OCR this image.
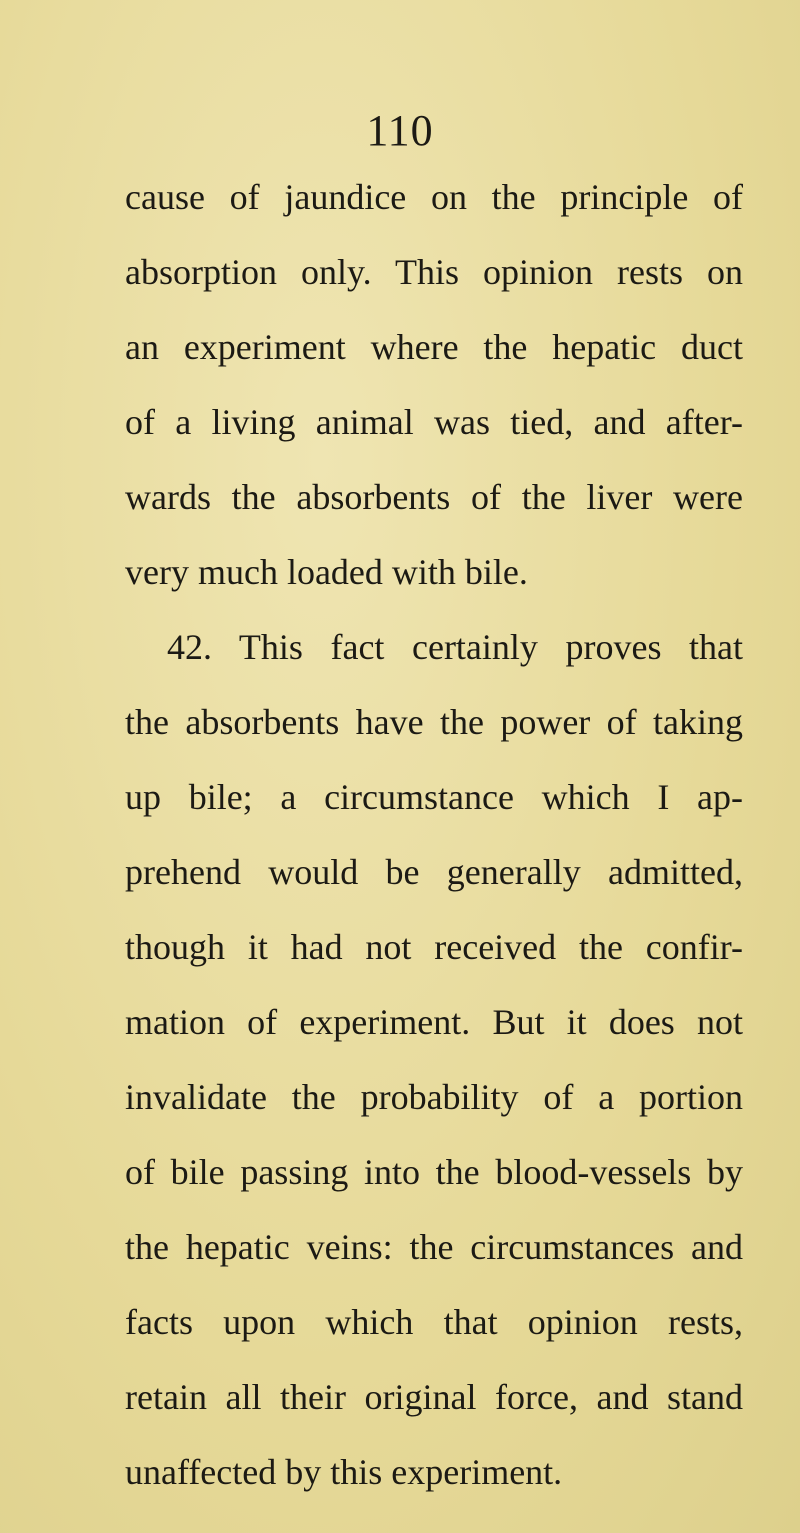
110
cause of jaundice on the principle of
absorption only. This opinion rests on
an experiment where the hepatic duct
of a living animal was tied, and after-
wards the absorbents of the liver were
very much loaded with bile.
42. This fact certainly proves that
the absorbents have the power of taking
up bile; a circumstance which I ap-
prehend would be generally admitted,
though it had not received the confir-
mation of experiment. But it does not
invalidate the probability of a portion
of bile passing into the blood-vessels by
the hepatic veins: the circumstances and
facts upon which that opinion rests,
retain all their original force, and stand
unaffected by this experiment.
